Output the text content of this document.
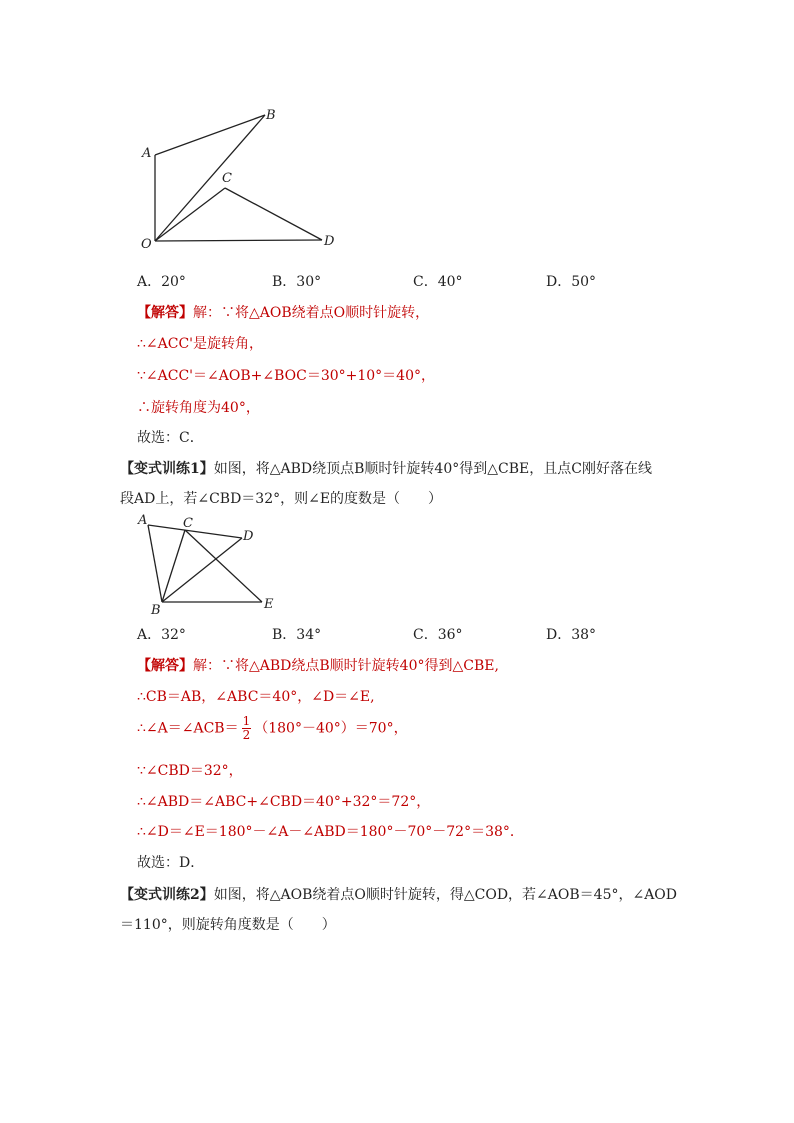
A
B
C
O	D
A．20°	B．30°	C．40°	D．50°
【解答】解：∵将△AOB绕着点O顺时针旋转，
∴∠ACC'是旋转角，
∵∠ACC'＝∠AOB+∠BOC＝30°+10°＝40°，
∴旋转角度为40°，
故选：C．
【变式训练1】如图，将△ABD绕顶点B顺时针旋转40°得到△CBE，且点C刚好落在线
段AD上，若∠CBD＝32°，则∠E的度数是（　　）
A	C
D
B	E
A．32°	B．34°	C．36°	D．38°
【解答】解：∵将△ABD绕点B顺时针旋转40°得到△CBE,
∴CB＝AB，∠ABC＝40°，∠D＝∠E,
∴∠A＝∠ACB＝ $\frac{1}{2} (180^\circ-40^\circ)=70^\circ$，
∵∠CBD＝32°，
∴∠ABD＝∠ABC+∠CBD＝40°+32°＝72°，
∴∠D＝∠E＝180°－∠A－∠ABD＝180°－70°－72°＝38°．
故选：D．
【变式训练2】如图，将△AOB绕着点O顺时针旋转，得△COD，若∠AOB＝45°，∠AOD
＝110°，则旋转角度数是（　　）
